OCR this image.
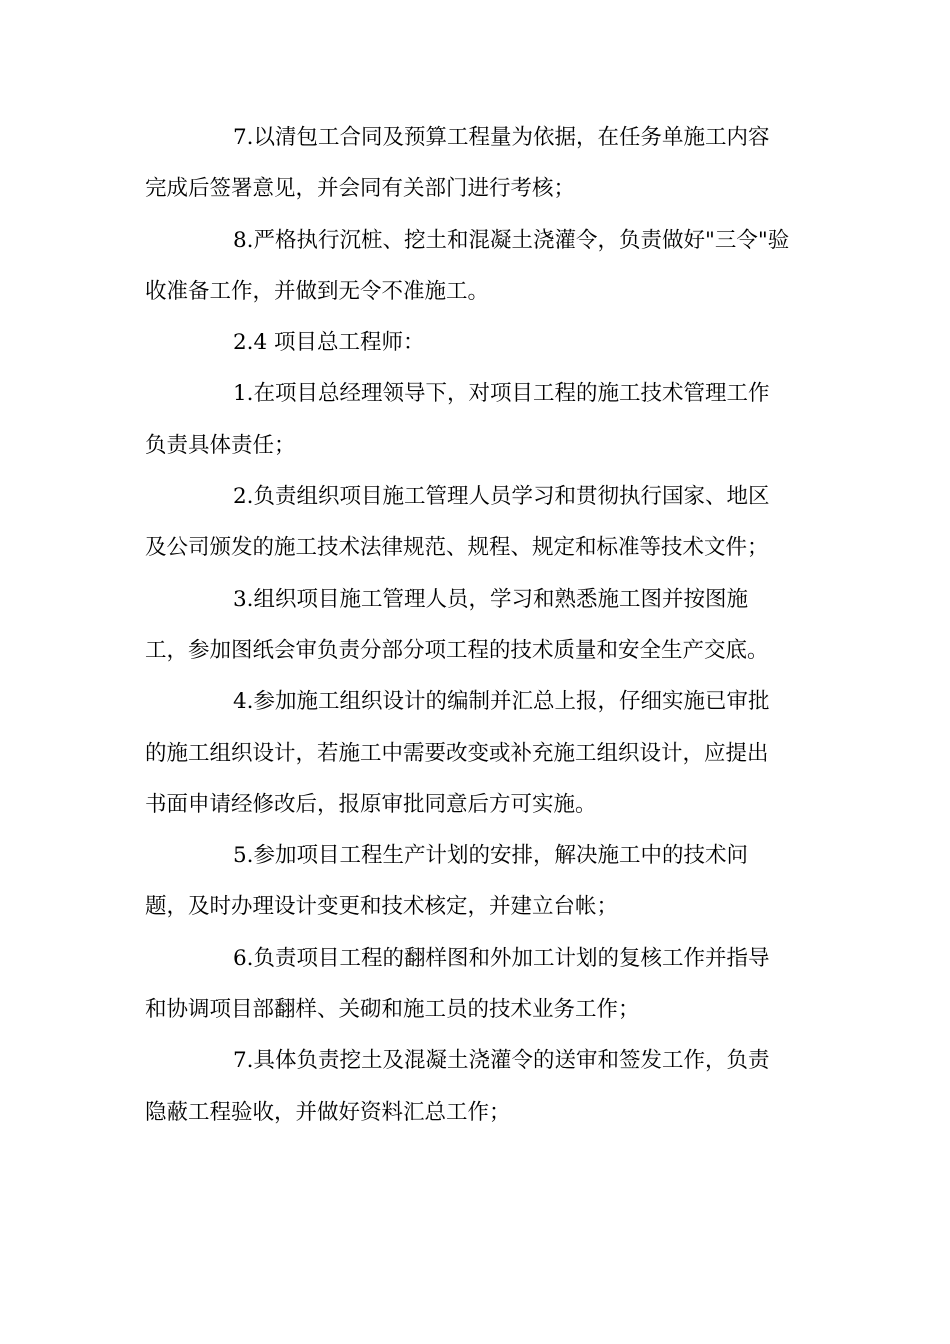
7.以清包工合同及预算工程量为依据，在任务单施工内容
完成后签署意见，并会同有关部门进行考核；
8.严格执行沉桩、挖土和混凝土浇灌令，负责做好"三令"验
收准备工作，并做到无令不准施工。
2.4 项目总工程师：
1.在项目总经理领导下，对项目工程的施工技术管理工作
负责具体责任；
2.负责组织项目施工管理人员学习和贯彻执行国家、地区
及公司颁发的施工技术法律规范、规程、规定和标准等技术文件；
3.组织项目施工管理人员，学习和熟悉施工图并按图施
工，参加图纸会审负责分部分项工程的技术质量和安全生产交底。
4.参加施工组织设计的编制并汇总上报，仔细实施已审批
的施工组织设计，若施工中需要改变或补充施工组织设计，应提出
书面申请经修改后，报原审批同意后方可实施。
5.参加项目工程生产计划的安排，解决施工中的技术问
题，及时办理设计变更和技术核定，并建立台帐；
6.负责项目工程的翻样图和外加工计划的复核工作并指导
和协调项目部翻样、关砌和施工员的技术业务工作；
7.具体负责挖土及混凝土浇灌令的送审和签发工作，负责
隐蔽工程验收，并做好资料汇总工作；
